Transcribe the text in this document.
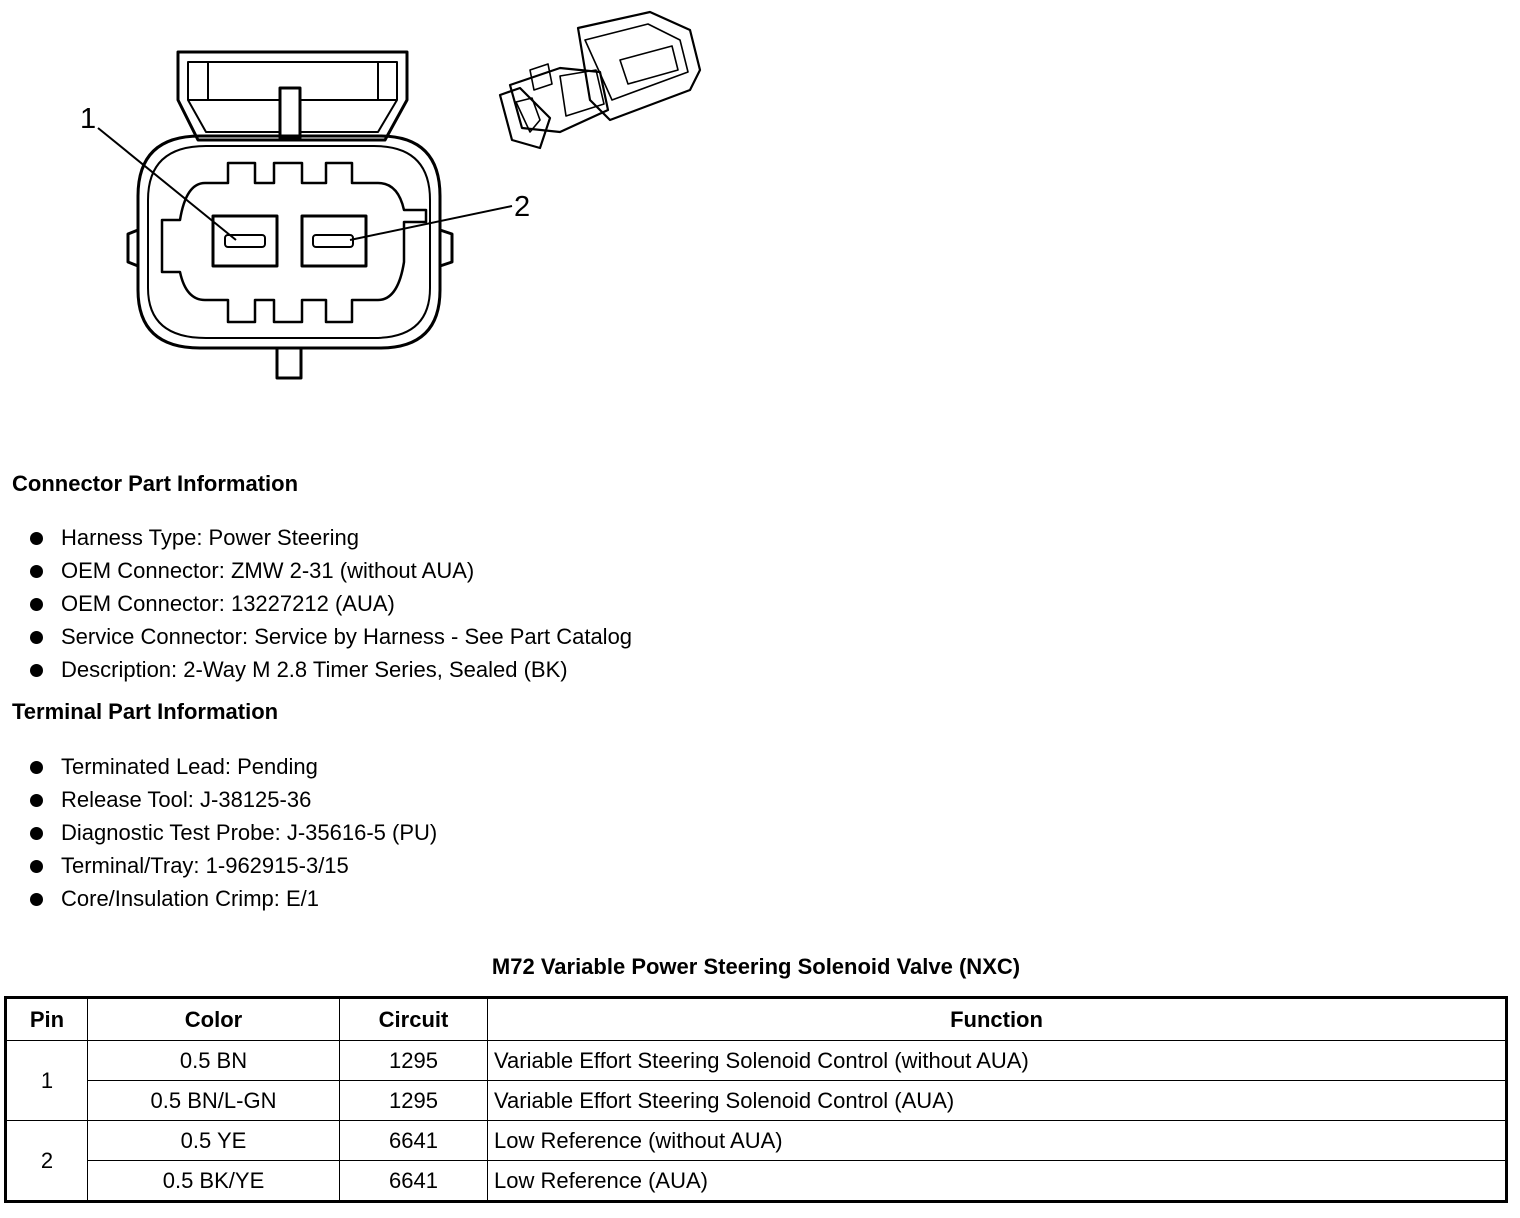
1
2
Connector Part Information
Harness Type: Power Steering
OEM Connector: ZMW 2-31 (without AUA)
OEM Connector: 13227212 (AUA)
Service Connector: Service by Harness - See Part Catalog
Description: 2-Way M 2.8 Timer Series, Sealed (BK)
Terminal Part Information
Terminated Lead: Pending
Release Tool: J-38125-36
Diagnostic Test Probe: J-35616-5 (PU)
Terminal/Tray: 1-962915-3/15
Core/Insulation Crimp: E/1
M72 Variable Power Steering Solenoid Valve (NXC)
Pin	Color	Circuit	Function
1	0.5 BN	1295	Variable Effort Steering Solenoid Control (without AUA)
	0.5 BN/L-GN	1295	Variable Effort Steering Solenoid Control (AUA)
2	0.5 YE	6641	Low Reference (without AUA)
	0.5 BK/YE	6641	Low Reference (AUA)
